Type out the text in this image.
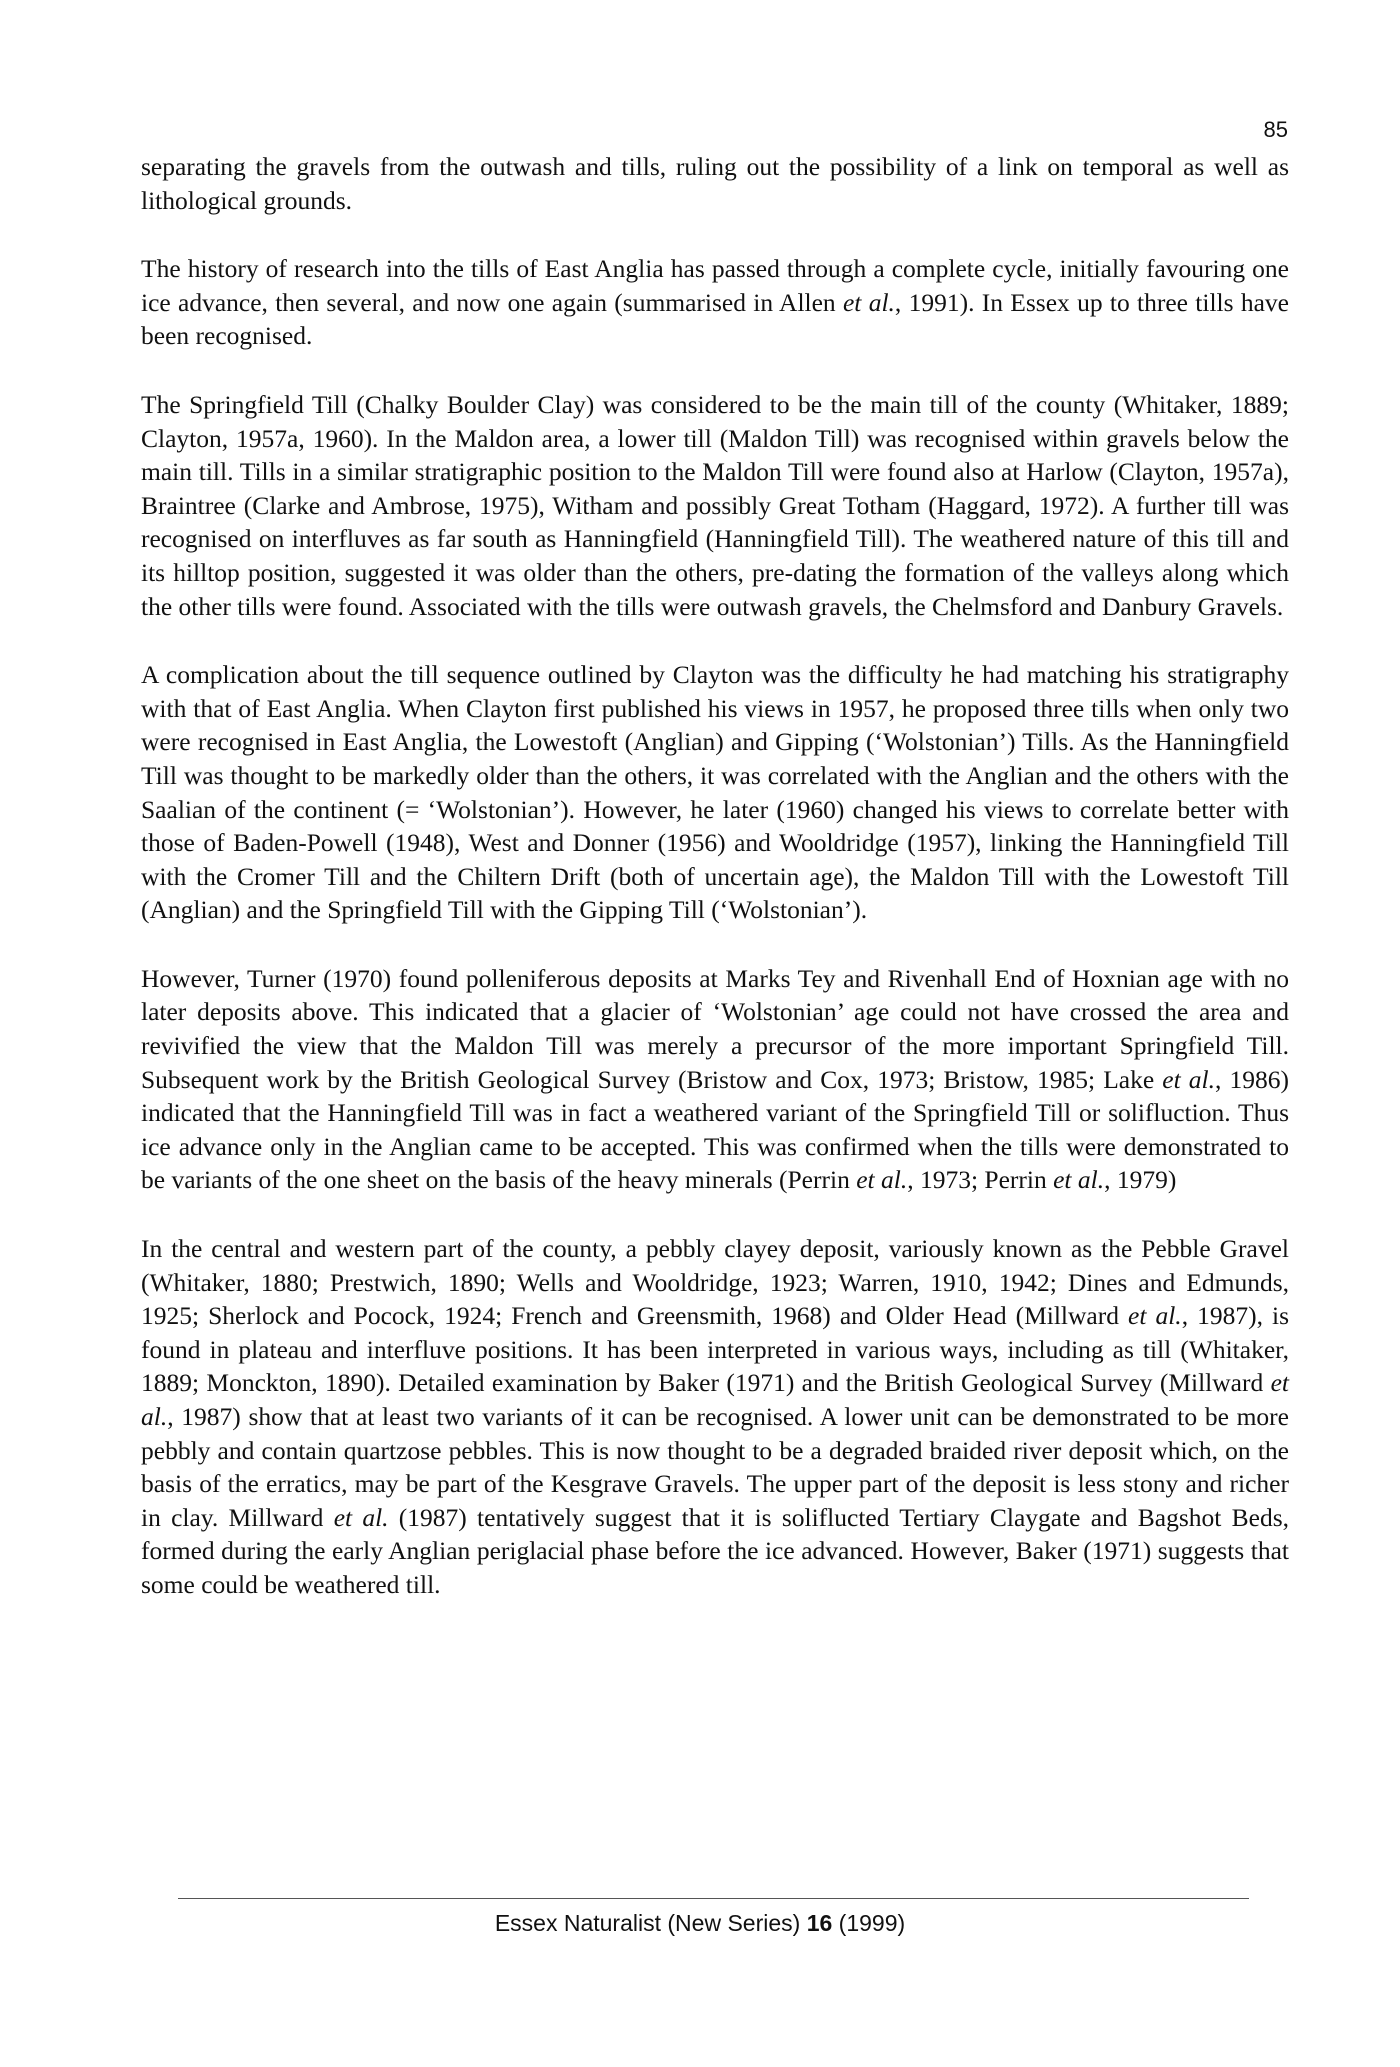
85

separating the gravels from the outwash and tills, ruling out the possibility of a link on temporal as well as lithological grounds.

The history of research into the tills of East Anglia has passed through a complete cycle, initially favouring one ice advance, then several, and now one again (summarised in Allen et al., 1991). In Essex up to three tills have been recognised.

The Springfield Till (Chalky Boulder Clay) was considered to be the main till of the county (Whitaker, 1889; Clayton, 1957a, 1960). In the Maldon area, a lower till (Maldon Till) was recognised within gravels below the main till. Tills in a similar stratigraphic position to the Maldon Till were found also at Harlow (Clayton, 1957a), Braintree (Clarke and Ambrose, 1975), Witham and possibly Great Totham (Haggard, 1972). A further till was recognised on interfluves as far south as Hanningfield (Hanningfield Till). The weathered nature of this till and its hilltop position, suggested it was older than the others, pre-dating the formation of the valleys along which the other tills were found. Associated with the tills were outwash gravels, the Chelmsford and Danbury Gravels.

A complication about the till sequence outlined by Clayton was the difficulty he had matching his stratigraphy with that of East Anglia. When Clayton first published his views in 1957, he proposed three tills when only two were recognised in East Anglia, the Lowestoft (Anglian) and Gipping (‘Wolstonian’) Tills. As the Hanningfield Till was thought to be markedly older than the others, it was correlated with the Anglian and the others with the Saalian of the continent (= ‘Wolstonian’). However, he later (1960) changed his views to correlate better with those of Baden-Powell (1948), West and Donner (1956) and Wooldridge (1957), linking the Hanningfield Till with the Cromer Till and the Chiltern Drift (both of uncertain age), the Maldon Till with the Lowestoft Till (Anglian) and the Springfield Till with the Gipping Till (‘Wolstonian’).

However, Turner (1970) found polleniferous deposits at Marks Tey and Rivenhall End of Hoxnian age with no later deposits above. This indicated that a glacier of ‘Wolstonian’ age could not have crossed the area and revivified the view that the Maldon Till was merely a precursor of the more important Springfield Till. Subsequent work by the British Geological Survey (Bristow and Cox, 1973; Bristow, 1985; Lake et al., 1986) indicated that the Hanningfield Till was in fact a weathered variant of the Springfield Till or solifluction. Thus ice advance only in the Anglian came to be accepted. This was confirmed when the tills were demonstrated to be variants of the one sheet on the basis of the heavy minerals (Perrin et al., 1973; Perrin et al., 1979)

In the central and western part of the county, a pebbly clayey deposit, variously known as the Pebble Gravel (Whitaker, 1880; Prestwich, 1890; Wells and Wooldridge, 1923; Warren, 1910, 1942; Dines and Edmunds, 1925; Sherlock and Pocock, 1924; French and Greensmith, 1968) and Older Head (Millward et al., 1987), is found in plateau and interfluve positions. It has been interpreted in various ways, including as till (Whitaker, 1889; Monckton, 1890). Detailed examination by Baker (1971) and the British Geological Survey (Millward et al., 1987) show that at least two variants of it can be recognised. A lower unit can be demonstrated to be more pebbly and contain quartzose pebbles. This is now thought to be a degraded braided river deposit which, on the basis of the erratics, may be part of the Kesgrave Gravels. The upper part of the deposit is less stony and richer in clay. Millward et al. (1987) tentatively suggest that it is soliflucted Tertiary Claygate and Bagshot Beds, formed during the early Anglian periglacial phase before the ice advanced. However, Baker (1971) suggests that some could be weathered till.

Essex Naturalist (New Series) 16 (1999)
